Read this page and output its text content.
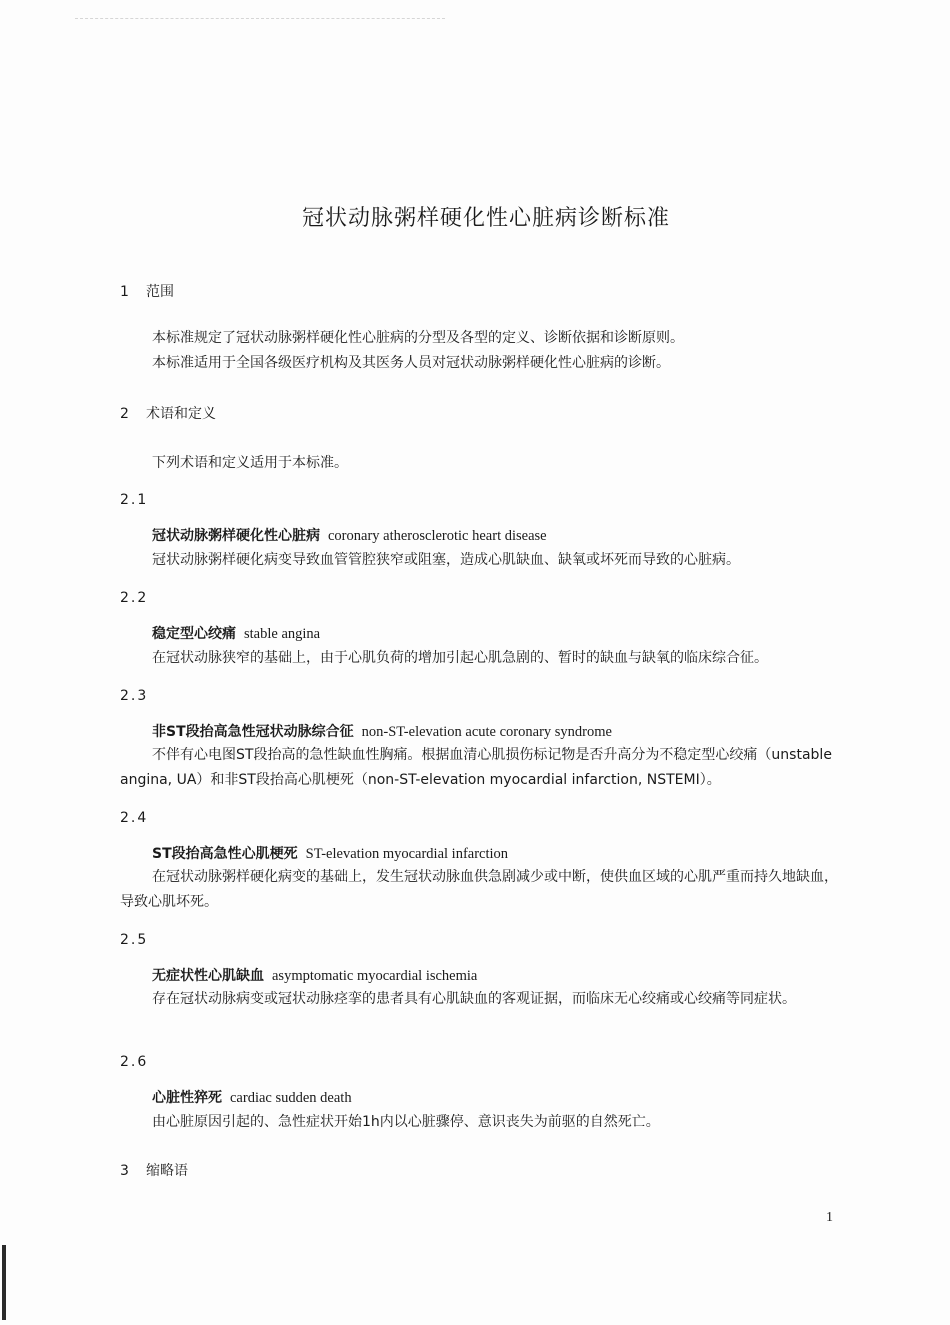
冠状动脉粥样硬化性心脏病诊断标准
1 范围

本标准规定了冠状动脉粥样硬化性心脏病的分型及各型的定义、诊断依据和诊断原则。

本标准适用于全国各级医疗机构及其医务人员对冠状动脉粥样硬化性心脏病的诊断。

2 术语和定义

下列术语和定义适用于本标准。

2.1

冠状动脉粥样硬化性心脏病 coronary atherosclerotic heart disease

冠状动脉粥样硬化病变导致血管管腔狭窄或阻塞，造成心肌缺血、缺氧或坏死而导致的心脏病。

2.2

稳定型心绞痛 stable angina

在冠状动脉狭窄的基础上，由于心肌负荷的增加引起心肌急剧的、暂时的缺血与缺氧的临床综合征。

2.3

非ST段抬高急性冠状动脉综合征 non-ST-elevation acute coronary syndrome

不伴有心电图ST段抬高的急性缺血性胸痛。根据血清心肌损伤标记物是否升高分为不稳定型心绞痛（unstable angina, UA）和非ST段抬高心肌梗死（non-ST-elevation myocardial infarction, NSTEMI）。

2.4

ST段抬高急性心肌梗死 ST-elevation myocardial infarction

在冠状动脉粥样硬化病变的基础上，发生冠状动脉血供急剧减少或中断，使供血区域的心肌严重而持久地缺血，导致心肌坏死。

2.5

无症状性心肌缺血 asymptomatic myocardial ischemia

存在冠状动脉病变或冠状动脉痉挛的患者具有心肌缺血的客观证据，而临床无心绞痛或心绞痛等同症状。

2.6

心脏性猝死 cardiac sudden death

由心脏原因引起的、急性症状开始1h内以心脏骤停、意识丧失为前驱的自然死亡。

3 缩略语
1
